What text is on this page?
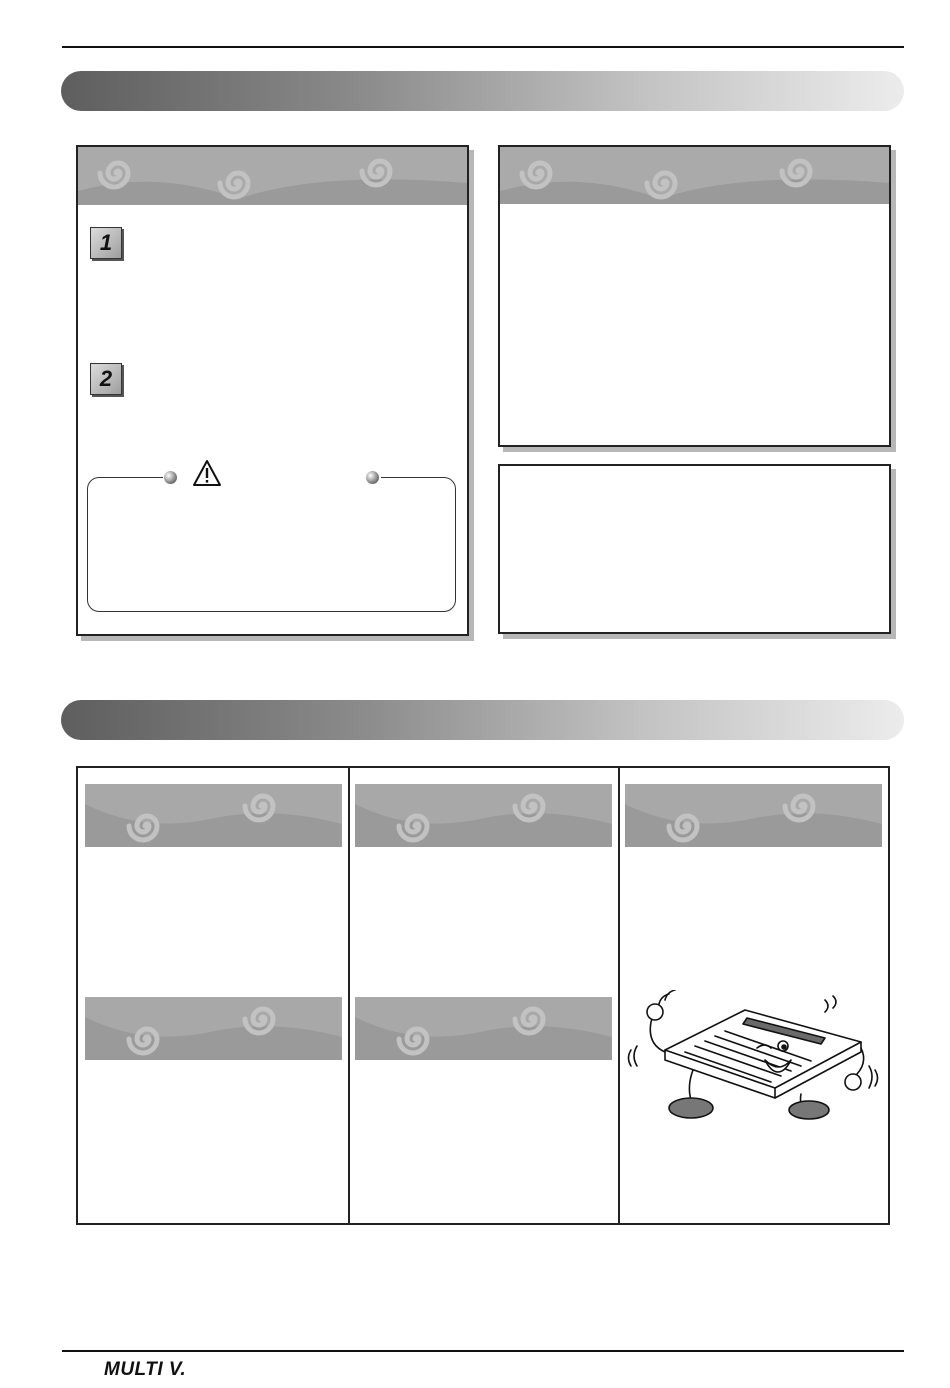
1
2
MULTI V.
